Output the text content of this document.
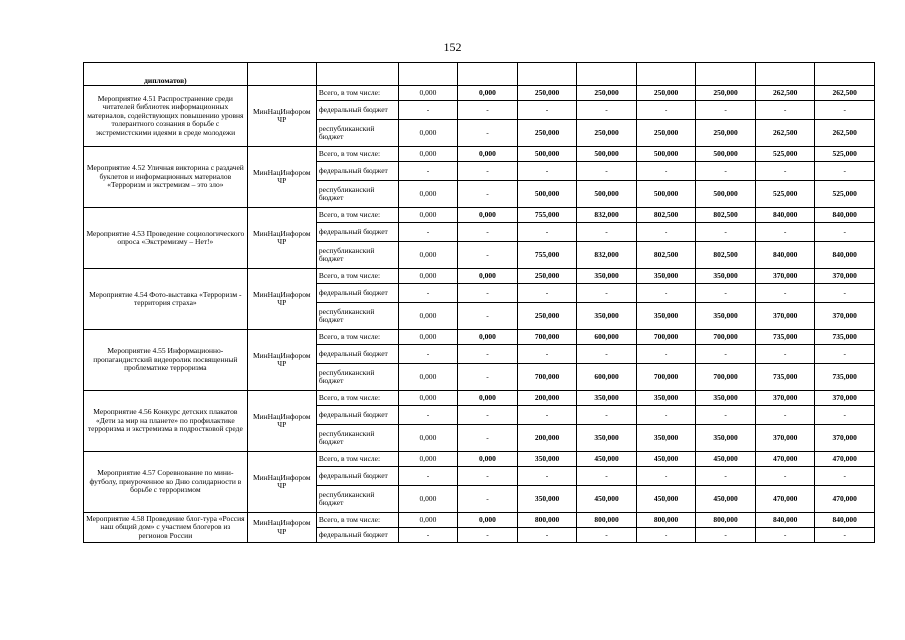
152
дипломатов)										
Мероприятие 4.51 Распространение среди читателей библиотек информационных материалов, содействующих повышению уровня толерантного сознания в борьбе с экстремистскими идеями в среде молодежи	МинНацИнфором ЧР	Всего, в том числе:	0,000	0,000	250,000	250,000	250,000	250,000	262,500	262,500
		федеральный бюджет	-	-	-	-	-	-	-	-
		республиканский бюджет	0,000	-	250,000	250,000	250,000	250,000	262,500	262,500
Мероприятие 4.52 Уличная викторина с раздачей буклетов и информационных материалов «Терроризм и экстремизм – это зло»	МинНацИнфором ЧР	Всего, в том числе:	0,000	0,000	500,000	500,000	500,000	500,000	525,000	525,000
		федеральный бюджет	-	-	-	-	-	-	-	-
		республиканский бюджет	0,000	-	500,000	500,000	500,000	500,000	525,000	525,000
Мероприятие 4.53 Проведение социологического опроса «Экстремизму – Нет!»	МинНацИнфором ЧР	Всего, в том числе:	0,000	0,000	755,000	832,000	802,500	802,500	840,000	840,000
		федеральный бюджет	-	-	-	-	-	-	-	-
		республиканский бюджет	0,000	-	755,000	832,000	802,500	802,500	840,000	840,000
Мероприятие 4.54 Фото-выставка «Терроризм - территория страха»	МинНацИнфором ЧР	Всего, в том числе:	0,000	0,000	250,000	350,000	350,000	350,000	370,000	370,000
		федеральный бюджет	-	-	-	-	-	-	-	-
		республиканский бюджет	0,000	-	250,000	350,000	350,000	350,000	370,000	370,000
Мероприятие 4.55 Информационно-пропагандистский видеоролик посвященный проблематике терроризма	МинНацИнфором ЧР	Всего, в том числе:	0,000	0,000	700,000	600,000	700,000	700,000	735,000	735,000
		федеральный бюджет	-	-	-	-	-	-	-	-
		республиканский бюджет	0,000	-	700,000	600,000	700,000	700,000	735,000	735,000
Мероприятие 4.56 Конкурс детских плакатов «Дети за мир на планете» по профилактике терроризма и экстремизма в подростковой среде	МинНацИнфором ЧР	Всего, в том числе:	0,000	0,000	200,000	350,000	350,000	350,000	370,000	370,000
		федеральный бюджет	-	-	-	-	-	-	-	-
		республиканский бюджет	0,000	-	200,000	350,000	350,000	350,000	370,000	370,000
Мероприятие 4.57 Соревнование по мини-футболу, приуроченное ко Дню солидарности в борьбе с терроризмом	МинНацИнфором ЧР	Всего, в том числе:	0,000	0,000	350,000	450,000	450,000	450,000	470,000	470,000
		федеральный бюджет	-	-	-	-	-	-	-	-
		республиканский бюджет	0,000	-	350,000	450,000	450,000	450,000	470,000	470,000
Мероприятие 4.58 Проведение блог-тура «Россия наш общий дом» с участием блогеров из регионов России	МинНацИнфором ЧР	Всего, в том числе:	0,000	0,000	800,000	800,000	800,000	800,000	840,000	840,000
		федеральный бюджет	-	-	-	-	-	-	-	-
